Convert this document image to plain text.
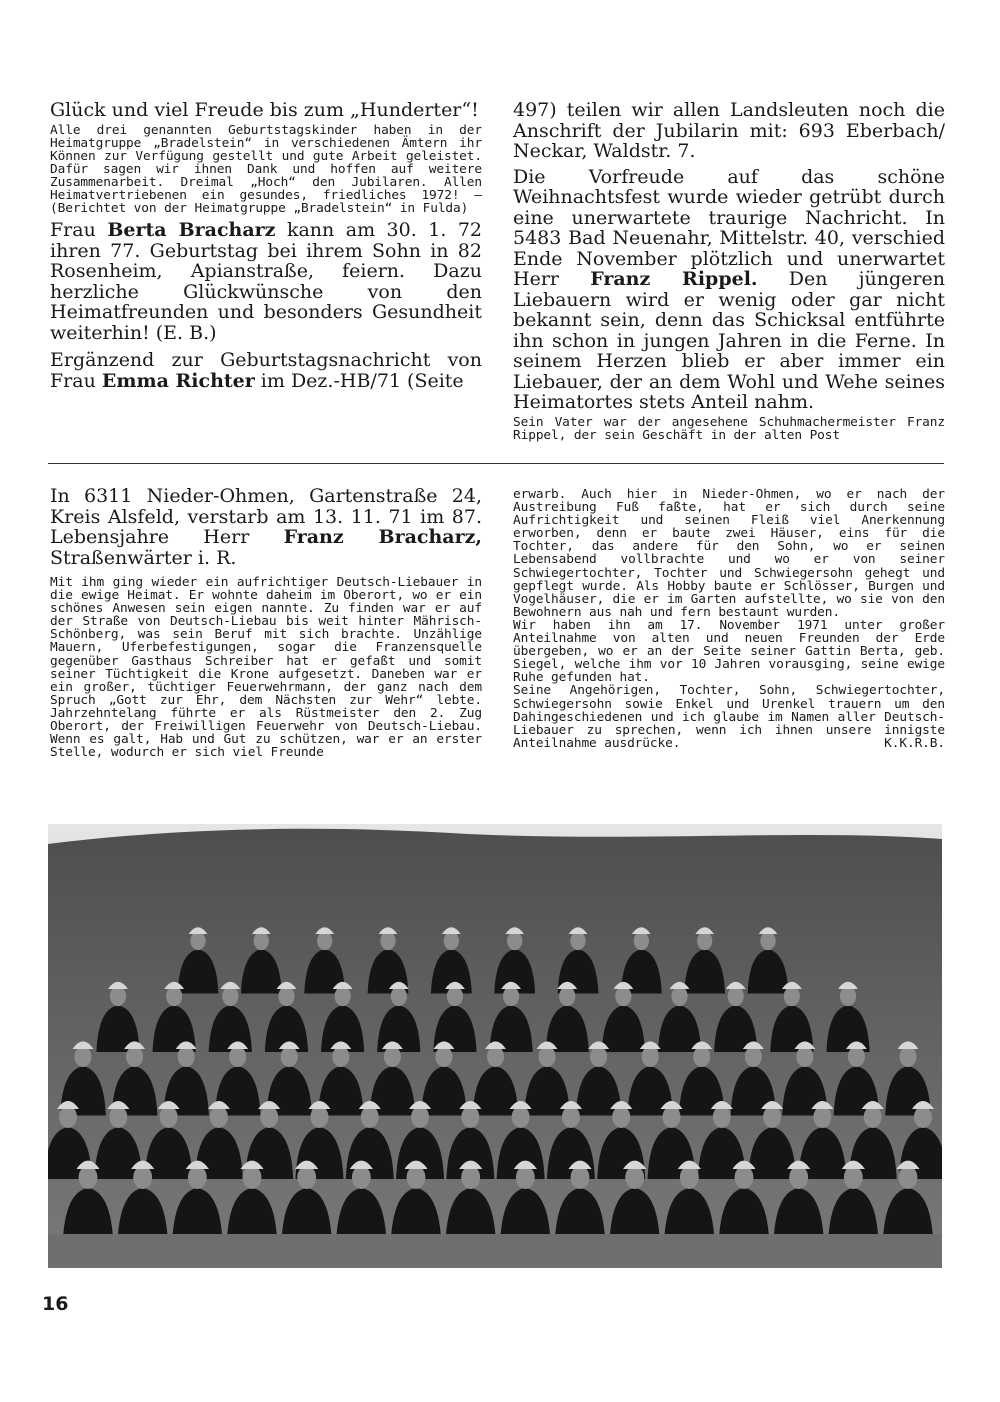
Glück und viel Freude bis zum „Hunderter“!

Alle drei genannten Geburtstagskinder haben in der Heimatgruppe „Bradelstein“ in verschiedenen Ämtern ihr Können zur Verfügung gestellt und gute Arbeit geleistet. Dafür sagen wir ihnen Dank und hoffen auf weitere Zusammenarbeit. Dreimal „Hoch“ den Jubilaren. Allen Heimatvertriebenen ein gesundes, friedliches 1972! — (Berichtet von der Heimatgruppe „Bradelstein“ in Fulda)

Frau Berta Bracharz kann am 30. 1. 72 ihren 77. Geburtstag bei ihrem Sohn in 82 Rosenheim, Apianstraße, feiern. Dazu herzliche Glückwünsche von den Heimatfreunden und besonders Gesundheit weiterhin! (E. B.)

Ergänzend zur Geburtstagsnachricht von Frau Emma Richter im Dez.-HB/71 (Seite

497) teilen wir allen Landsleuten noch die Anschrift der Jubilarin mit: 693 Eberbach/ Neckar, Waldstr. 7.

Die Vorfreude auf das schöne Weihnachtsfest wurde wieder getrübt durch eine unerwartete traurige Nachricht. In 5483 Bad Neuenahr, Mittelstr. 40, verschied Ende November plötzlich und unerwartet Herr Franz Rippel. Den jüngeren Liebauern wird er wenig oder gar nicht bekannt sein, denn das Schicksal entführte ihn schon in jungen Jahren in die Ferne. In seinem Herzen blieb er aber immer ein Liebauer, der an dem Wohl und Wehe seines Heimatortes stets Anteil nahm.

Sein Vater war der angesehene Schuhmachermeister Franz Rippel, der sein Geschäft in der alten Post

In 6311 Nieder-Ohmen, Gartenstraße 24, Kreis Alsfeld, verstarb am 13. 11. 71 im 87. Lebensjahre Herr Franz Bracharz, Straßenwärter i. R.

Mit ihm ging wieder ein aufrichtiger Deutsch-Liebauer in die ewige Heimat. Er wohnte daheim im Oberort, wo er ein schönes Anwesen sein eigen nannte. Zu finden war er auf der Straße von Deutsch-Liebau bis weit hinter Mährisch-Schönberg, was sein Beruf mit sich brachte. Unzählige Mauern, Uferbefestigungen, sogar die Franzensquelle gegenüber Gasthaus Schreiber hat er gefaßt und somit seiner Tüchtigkeit die Krone aufgesetzt. Daneben war er ein großer, tüchtiger Feuerwehrmann, der ganz nach dem Spruch „Gott zur Ehr, dem Nächsten zur Wehr“ lebte. Jahrzehntelang führte er als Rüstmeister den 2. Zug Oberort, der Freiwilligen Feuerwehr von Deutsch-Liebau. Wenn es galt, Hab und Gut zu schützen, war er an erster Stelle, wodurch er sich viel Freunde

erwarb. Auch hier in Nieder-Ohmen, wo er nach der Austreibung Fuß faßte, hat er sich durch seine Aufrichtigkeit und seinen Fleiß viel Anerkennung erworben, denn er baute zwei Häuser, eins für die Tochter, das andere für den Sohn, wo er seinen Lebensabend vollbrachte und wo er von seiner Schwiegertochter, Tochter und Schwiegersohn gehegt und gepflegt wurde. Als Hobby baute er Schlösser, Burgen und Vogelhäuser, die er im Garten aufstellte, wo sie von den Bewohnern aus nah und fern bestaunt wurden.

Wir haben ihn am 17. November 1971 unter großer Anteilnahme von alten und neuen Freunden der Erde übergeben, wo er an der Seite seiner Gattin Berta, geb. Siegel, welche ihm vor 10 Jahren vorausging, seine ewige Ruhe gefunden hat.

Seine Angehörigen, Tochter, Sohn, Schwiegertochter, Schwiegersohn sowie Enkel und Urenkel trauern um den Dahingeschiedenen und ich glaube im Namen aller Deutsch-Liebauer zu sprechen, wenn ich ihnen unsere innigste Anteilnahme ausdrücke.	K.K.R.B.

16
